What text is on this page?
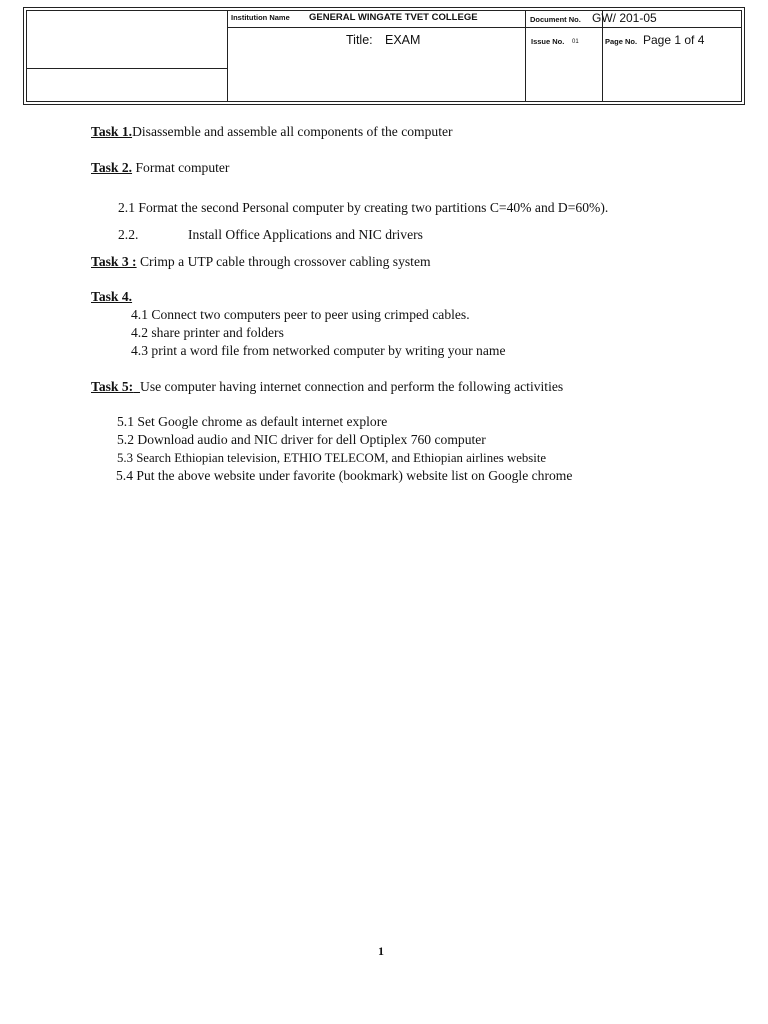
Institution Name GENERAL WINGATE TVET COLLEGE
Title: EXAM
Document No. GW/ 201-05
Issue No. 01	Page No. Page 1 of 4
Task 1.Disassemble and assemble all components of the computer
Task 2. Format computer
2.1 Format the second Personal computer by creating two partitions C=40% and D=60%).
2.2.	Install Office Applications and NIC drivers
Task 3 : Crimp a UTP cable through crossover cabling system
Task 4.
4.1 Connect two computers peer to peer using crimped cables.
4.2 share printer and folders
4.3 print a word file from networked computer by writing your name
Task 5: Use computer having internet connection and perform the following activities
5.1 Set Google chrome as default internet explore
5.2 Download audio and NIC driver for dell Optiplex 760 computer
5.3 Search Ethiopian television, ETHIO TELECOM, and Ethiopian airlines website
5.4 Put the above website under favorite (bookmark) website list on Google chrome
1
